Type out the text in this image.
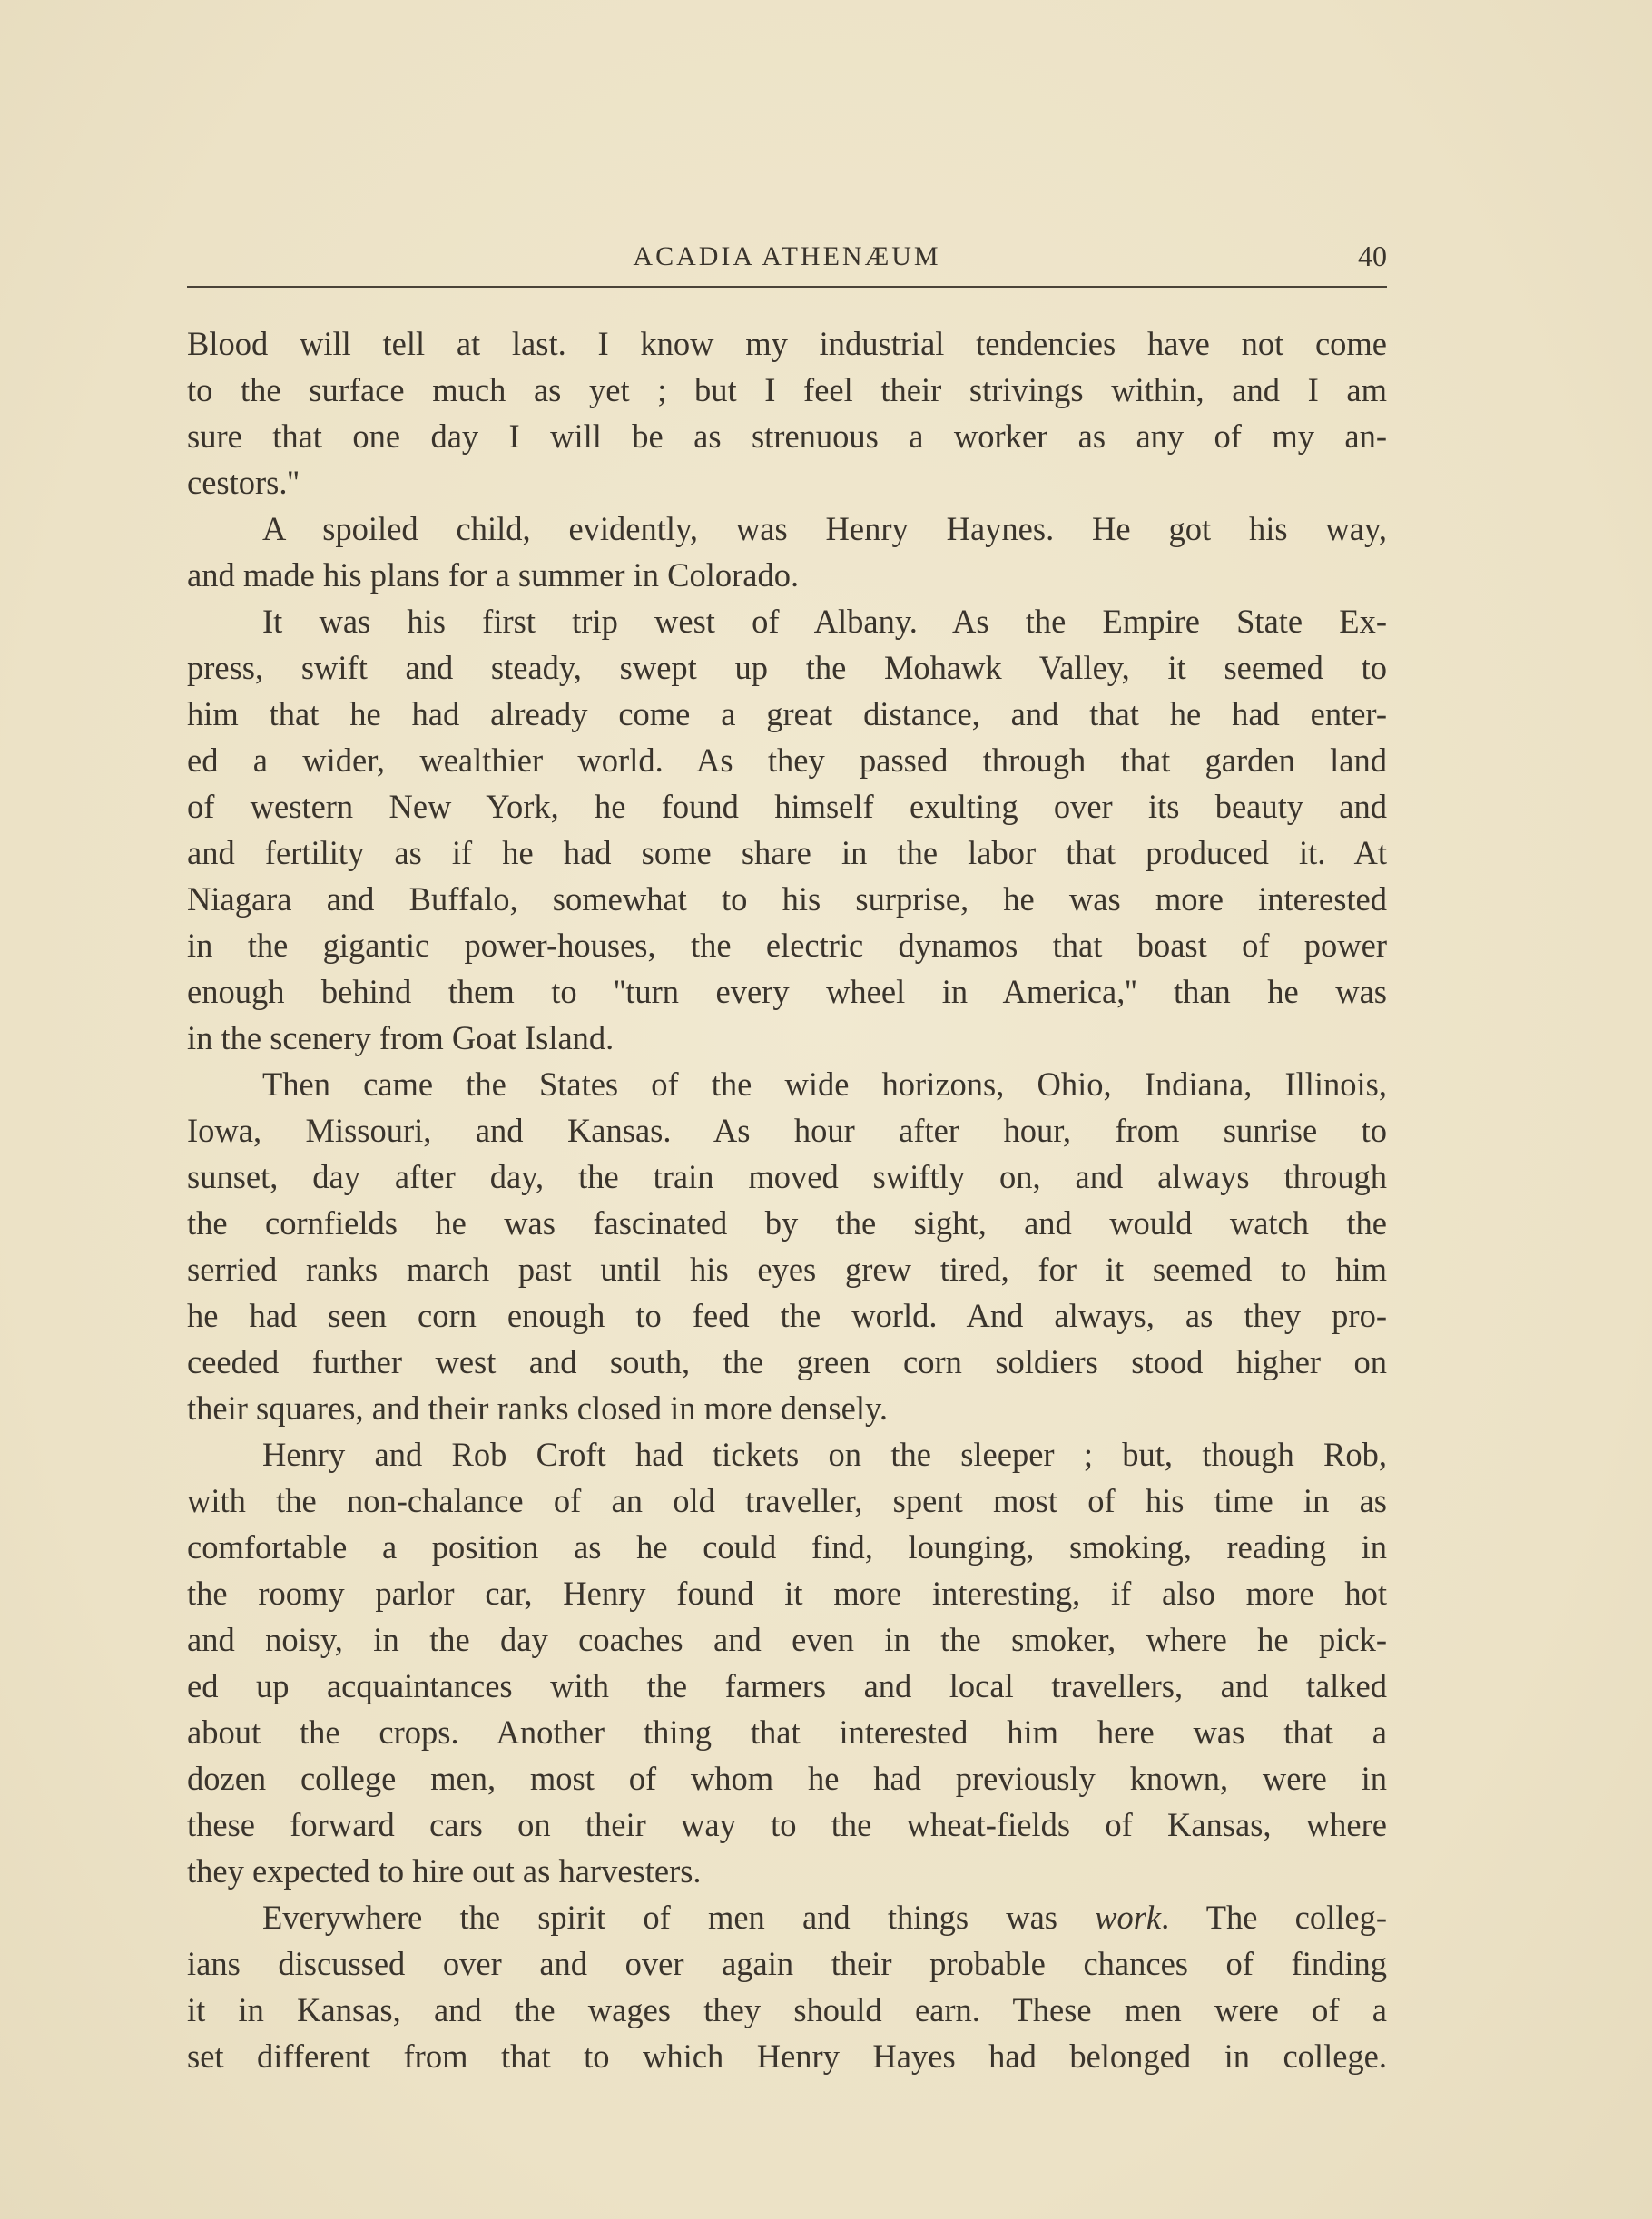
ACADIA ATHENÆUM	40
Blood will tell at last. I know my industrial tendencies have not come
to the surface much as yet ; but I feel their strivings within, and I am
sure that one day I will be as strenuous a worker as any of my an-
cestors.''
A spoiled child, evidently, was Henry Haynes. He got his way,
and made his plans for a summer in Colorado.
It was his first trip west of Albany. As the Empire State Ex-
press, swift and steady, swept up the Mohawk Valley, it seemed to
him that he had already come a great distance, and that he had enter-
ed a wider, wealthier world. As they passed through that garden land
of western New York, he found himself exulting over its beauty and
and fertility as if he had some share in the labor that produced it. At
Niagara and Buffalo, somewhat to his surprise, he was more interested
in the gigantic power-houses, the electric dynamos that boast of power
enough behind them to ''turn every wheel in America,'' than he was
in the scenery from Goat Island.
Then came the States of the wide horizons, Ohio, Indiana, Illinois,
Iowa, Missouri, and Kansas. As hour after hour, from sunrise to
sunset, day after day, the train moved swiftly on, and always through
the cornfields he was fascinated by the sight, and would watch the
serried ranks march past until his eyes grew tired, for it seemed to him
he had seen corn enough to feed the world. And always, as they pro-
ceeded further west and south, the green corn soldiers stood higher on
their squares, and their ranks closed in more densely.
Henry and Rob Croft had tickets on the sleeper ; but, though Rob,
with the non-chalance of an old traveller, spent most of his time in as
comfortable a position as he could find, lounging, smoking, reading in
the roomy parlor car, Henry found it more interesting, if also more hot
and noisy, in the day coaches and even in the smoker, where he pick-
ed up acquaintances with the farmers and local travellers, and talked
about the crops. Another thing that interested him here was that a
dozen college men, most of whom he had previously known, were in
these forward cars on their way to the wheat-fields of Kansas, where
they expected to hire out as harvesters.
Everywhere the spirit of men and things was work. The colleg-
ians discussed over and over again their probable chances of finding
it in Kansas, and the wages they should earn. These men were of a
set different from that to which Henry Hayes had belonged in college.
